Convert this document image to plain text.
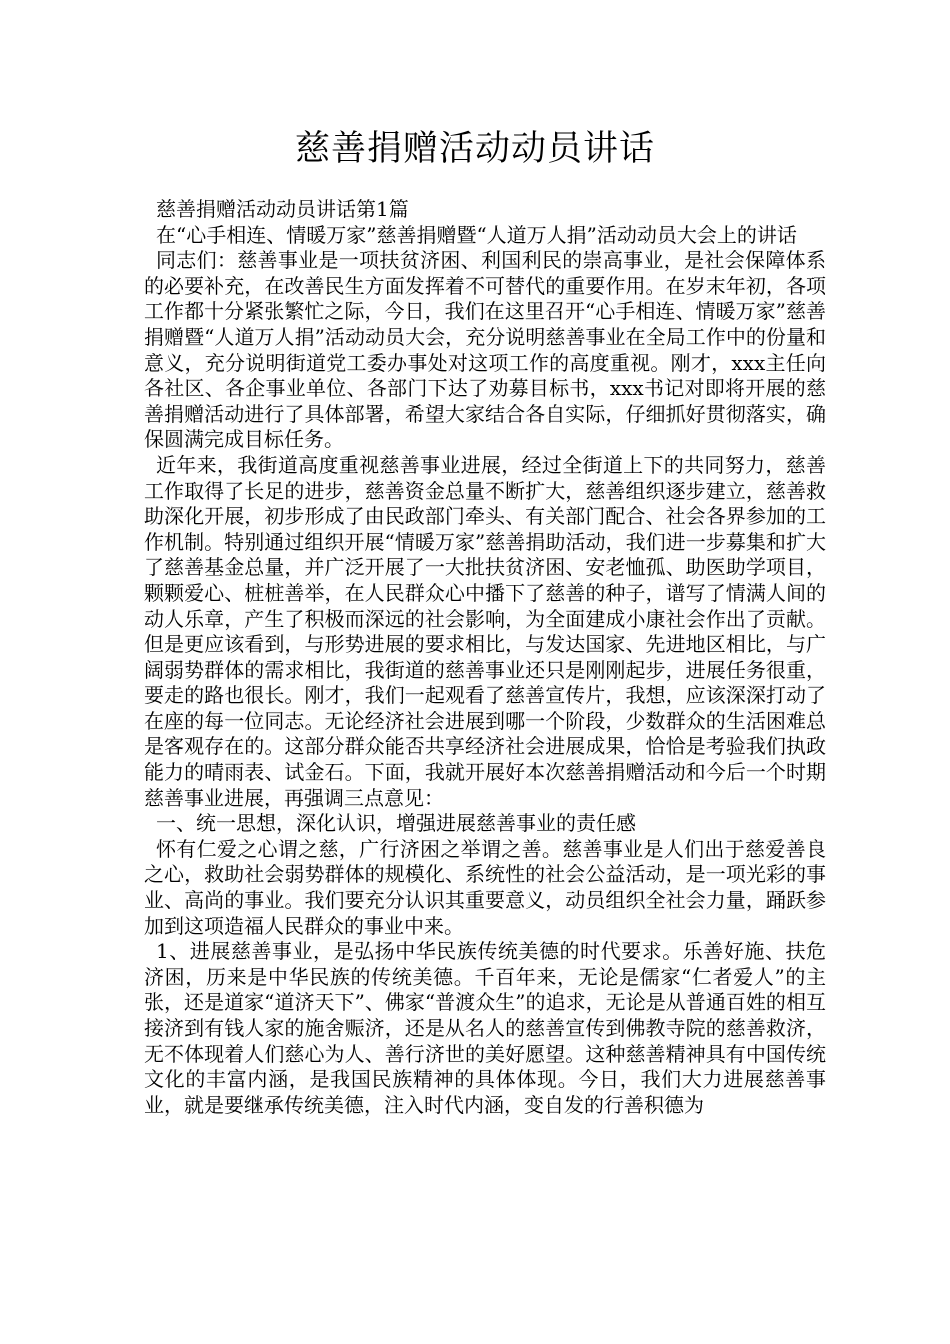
慈善捐赠活动动员讲话

慈善捐赠活动动员讲话第1篇

在“心手相连、情暖万家”慈善捐赠暨“人道万人捐”活动动员大会上的讲话

同志们：慈善事业是一项扶贫济困、利国利民的崇高事业，是社会保障体系的必要补充，在改善民生方面发挥着不可替代的重要作用。在岁末年初，各项工作都十分紧张繁忙之际，今日，我们在这里召开“心手相连、情暖万家”慈善捐赠暨“人道万人捐”活动动员大会，充分说明慈善事业在全局工作中的份量和意义，充分说明街道党工委办事处对这项工作的高度重视。刚才，xxx主任向各社区、各企事业单位、各部门下达了劝募目标书，xxx书记对即将开展的慈善捐赠活动进行了具体部署，希望大家结合各自实际，仔细抓好贯彻落实，确保圆满完成目标任务。

近年来，我街道高度重视慈善事业进展，经过全街道上下的共同努力，慈善工作取得了长足的进步，慈善资金总量不断扩大，慈善组织逐步建立，慈善救助深化开展，初步形成了由民政部门牵头、有关部门配合、社会各界参加的工作机制。特别通过组织开展“情暖万家”慈善捐助活动，我们进一步募集和扩大了慈善基金总量，并广泛开展了一大批扶贫济困、安老恤孤、助医助学项目，颗颗爱心、桩桩善举，在人民群众心中播下了慈善的种子，谱写了情满人间的动人乐章，产生了积极而深远的社会影响，为全面建成小康社会作出了贡献。但是更应该看到，与形势进展的要求相比，与发达国家、先进地区相比，与广阔弱势群体的需求相比，我街道的慈善事业还只是刚刚起步，进展任务很重，要走的路也很长。刚才，我们一起观看了慈善宣传片，我想，应该深深打动了在座的每一位同志。无论经济社会进展到哪一个阶段，少数群众的生活困难总是客观存在的。这部分群众能否共享经济社会进展成果，恰恰是考验我们执政能力的晴雨表、试金石。下面，我就开展好本次慈善捐赠活动和今后一个时期慈善事业进展，再强调三点意见：

一、统一思想，深化认识，增强进展慈善事业的责任感

怀有仁爱之心谓之慈，广行济困之举谓之善。慈善事业是人们出于慈爱善良之心，救助社会弱势群体的规模化、系统性的社会公益活动，是一项光彩的事业、高尚的事业。我们要充分认识其重要意义，动员组织全社会力量，踊跃参加到这项造福人民群众的事业中来。

1、进展慈善事业，是弘扬中华民族传统美德的时代要求。乐善好施、扶危济困，历来是中华民族的传统美德。千百年来，无论是儒家“仁者爱人”的主张，还是道家“道济天下”、佛家“普渡众生”的追求，无论是从普通百姓的相互接济到有钱人家的施舍赈济，还是从名人的慈善宣传到佛教寺院的慈善救济，无不体现着人们慈心为人、善行济世的美好愿望。这种慈善精神具有中国传统文化的丰富内涵，是我国民族精神的具体体现。今日，我们大力进展慈善事业，就是要继承传统美德，注入时代内涵，变自发的行善积德为
